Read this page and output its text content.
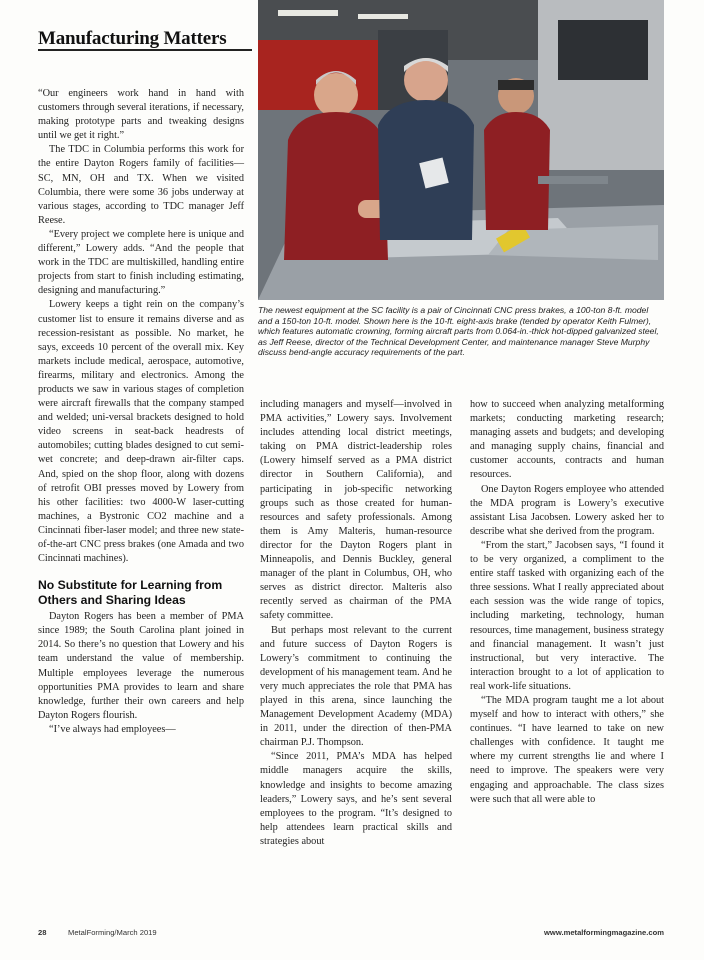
Manufacturing Matters
The newest equipment at the SC facility is a pair of Cincinnati CNC press brakes, a 100-ton 8-ft. model and a 150-ton 10-ft. model. Shown here is the 10-ft. eight-axis brake (tended by operator Keith Fulmer), which features automatic crowning, forming aircraft parts from 0.064-in.-thick hot-dipped galvanized steel, as Jeff Reese, director of the Technical Development Center, and maintenance manager Steve Murphy discuss bend-angle accuracy requirements of the part.

“Our engineers work hand in hand with customers through several iterations, if necessary, making prototype parts and tweaking designs until we get it right.”

The TDC in Columbia performs this work for the entire Dayton Rogers family of facilities—SC, MN, OH and TX. When we visited Columbia, there were some 36 jobs underway at various stages, according to TDC manager Jeff Reese.

“Every project we complete here is unique and different,” Lowery adds. “And the people that work in the TDC are multiskilled, handling entire projects from start to finish including estimating, designing and manufacturing.”

Lowery keeps a tight rein on the company’s customer list to ensure it remains diverse and as recession-resistant as possible. No market, he says, exceeds 10 percent of the overall mix. Key markets include medical, aerospace, automotive, firearms, military and electronics. Among the products we saw in various stages of completion were aircraft firewalls that the company stamped and welded; uni-versal brackets designed to hold video screens in seat-back headrests of automobiles; cutting blades designed to cut semi-wet concrete; and deep-drawn air-filter caps. And, spied on the shop floor, along with dozens of retrofit OBI presses moved by Lowery from his other facilities: two 4000-W laser-cutting machines, a Bystronic CO2 machine and a Cincinnati fiber-laser model; and three new state-of-the-art CNC press brakes (one Amada and two Cincinnati machines).

No Substitute for Learning from Others and Sharing Ideas

Dayton Rogers has been a member of PMA since 1989; the South Carolina plant joined in 2014. So there’s no question that Lowery and his team understand the value of membership. Multiple employees leverage the numerous opportunities PMA provides to learn and share knowledge, further their own careers and help Dayton Rogers flourish.

“I’ve always had employees—

including managers and myself—involved in PMA activities,” Lowery says. Involvement includes attending local district meetings, taking on PMA district-leadership roles (Lowery himself served as a PMA district director in Southern California), and participating in job-specific networking groups such as those created for human-resources and safety professionals. Among them is Amy Malteris, human-resource director for the Dayton Rogers plant in Minneapolis, and Dennis Buckley, general manager of the plant in Columbus, OH, who serves as district director. Malteris also recently served as chairman of the PMA safety committee.

But perhaps most relevant to the current and future success of Dayton Rogers is Lowery’s commitment to continuing the development of his management team. And he very much appreciates the role that PMA has played in this arena, since launching the Management Development Academy (MDA) in 2011, under the direction of then-PMA chairman P.J. Thompson.

“Since 2011, PMA’s MDA has helped middle managers acquire the skills, knowledge and insights to become amazing leaders,” Lowery says, and he’s sent several employees to the program. “It’s designed to help attendees learn practical skills and strategies about

how to succeed when analyzing metalforming markets; conducting marketing research; managing assets and budgets; and developing and managing supply chains, financial and customer accounts, contracts and human resources.

One Dayton Rogers employee who attended the MDA program is Lowery’s executive assistant Lisa Jacobsen. Lowery asked her to describe what she derived from the program.

“From the start,” Jacobsen says, “I found it to be very organized, a compliment to the entire staff tasked with organizing each of the three sessions. What I really appreciated about each session was the wide range of topics, including marketing, technology, human resources, time management, business strategy and financial management. It wasn’t just instructional, but very interactive. The interaction brought to a lot of application to real work-life situations.

“The MDA program taught me a lot about myself and how to interact with others,” she continues. “I have learned to take on new challenges with confidence. It taught me where my current strengths lie and where I need to improve. The speakers were very engaging and approachable. The class sizes were such that all were able to

28	MetalForming/March 2019	www.metalformingmagazine.com
